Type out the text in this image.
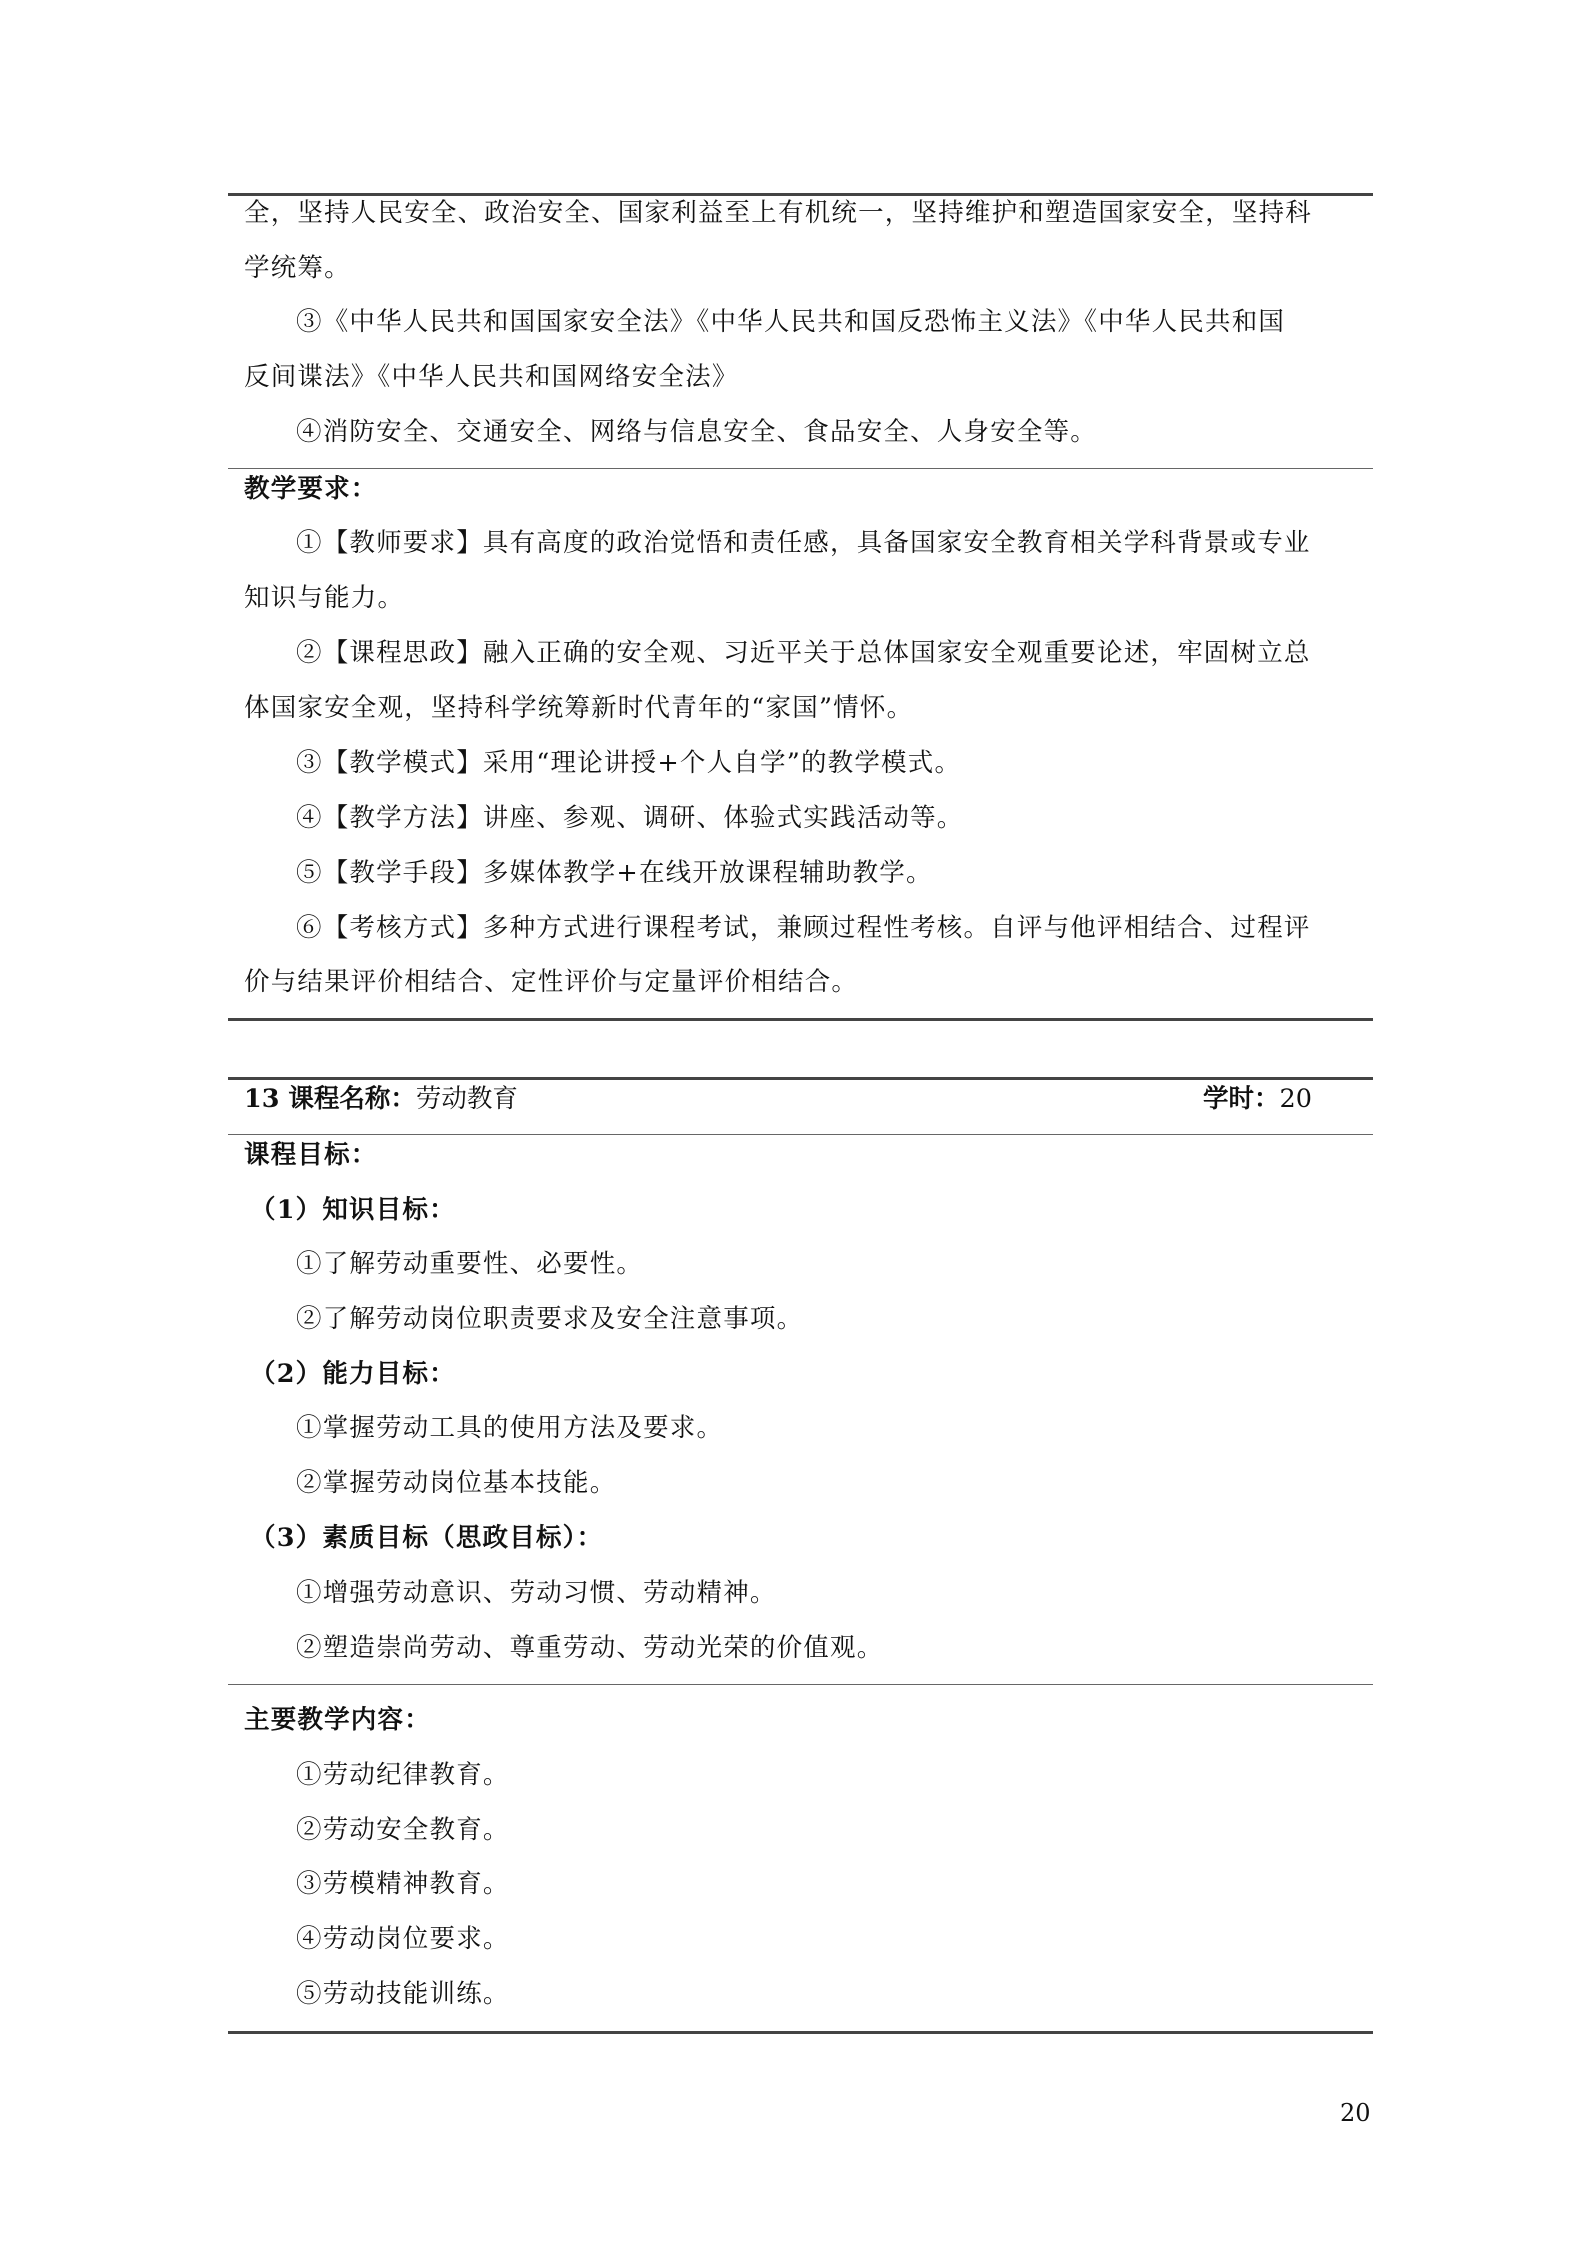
全，坚持人民安全、政治安全、国家利益至上有机统一，坚持维护和塑造国家安全，坚持科
学统筹。
③《中华人民共和国国家安全法》《中华人民共和国反恐怖主义法》《中华人民共和国
反间谍法》《中华人民共和国网络安全法》
④消防安全、交通安全、网络与信息安全、食品安全、人身安全等。
教学要求：
①【教师要求】具有高度的政治觉悟和责任感，具备国家安全教育相关学科背景或专业
知识与能力。
②【课程思政】融入正确的安全观、习近平关于总体国家安全观重要论述，牢固树立总
体国家安全观，坚持科学统筹新时代青年的“家国”情怀。
③【教学模式】采用“理论讲授+个人自学”的教学模式。
④【教学方法】讲座、参观、调研、体验式实践活动等。
⑤【教学手段】多媒体教学+在线开放课程辅助教学。
⑥【考核方式】多种方式进行课程考试，兼顾过程性考核。自评与他评相结合、过程评
价与结果评价相结合、定性评价与定量评价相结合。
13 课程名称：劳动教育	学时：20
课程目标：
（1）知识目标：
①了解劳动重要性、必要性。
②了解劳动岗位职责要求及安全注意事项。
（2）能力目标：
①掌握劳动工具的使用方法及要求。
②掌握劳动岗位基本技能。
（3）素质目标（思政目标）：
①增强劳动意识、劳动习惯、劳动精神。
②塑造崇尚劳动、尊重劳动、劳动光荣的价值观。
主要教学内容：
①劳动纪律教育。
②劳动安全教育。
③劳模精神教育。
④劳动岗位要求。
⑤劳动技能训练。
20
